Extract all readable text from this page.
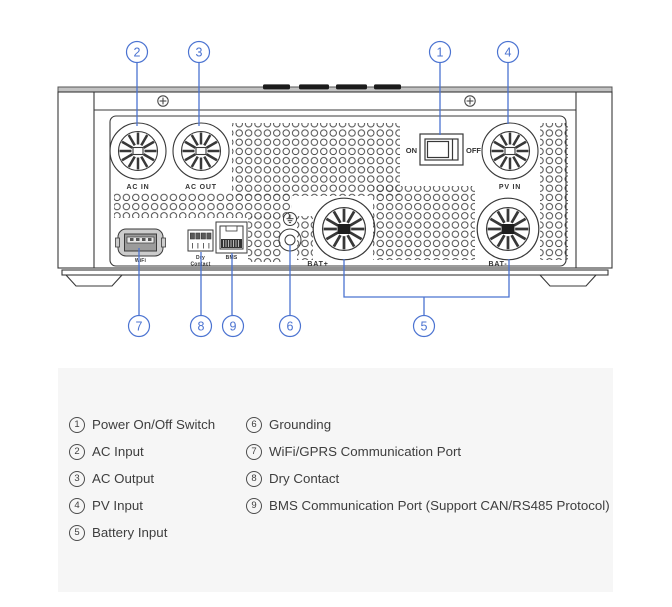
AC IN	AC OUT	PV IN
BAT+	BAT-
ON	OFF
WiFi	Dry
Contact
BMS
2	3	1	4
7	8 9	6	5
1 Power On/Off Switch
2 AC Input
3 AC Output
4 PV Input
5 Battery Input
6 Grounding
7 WiFi/GPRS Communication Port
8 Dry Contact
9 BMS Communication Port (Support CAN/RS485 Protocol)
